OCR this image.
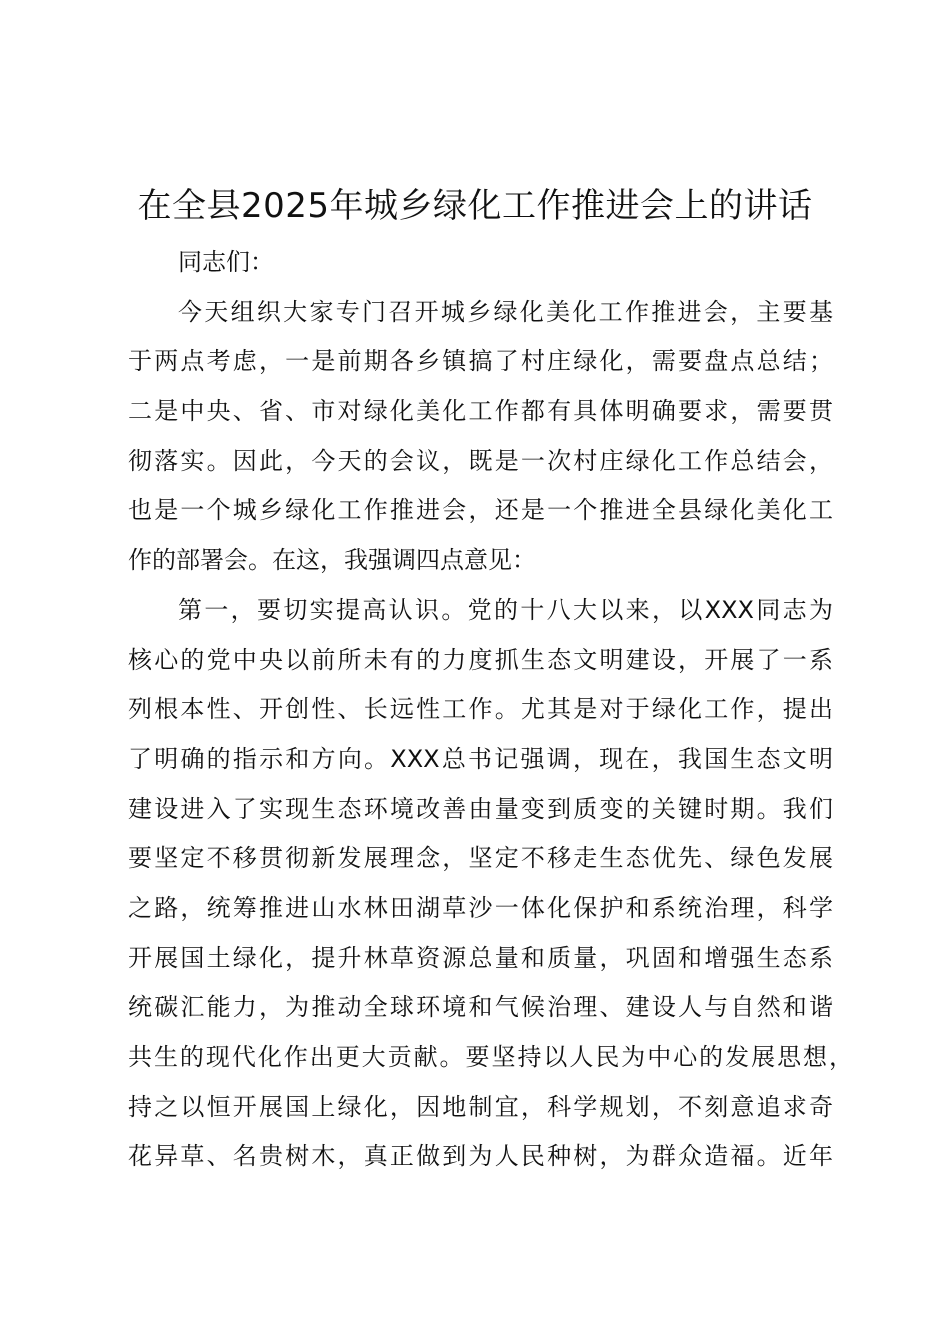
在全县2025年城乡绿化工作推进会上的讲话
同志们：
今天组织大家专门召开城乡绿化美化工作推进会，主要基
于两点考虑，一是前期各乡镇搞了村庄绿化，需要盘点总结；
二是中央、省、市对绿化美化工作都有具体明确要求，需要贯
彻落实。因此，今天的会议，既是一次村庄绿化工作总结会，
也是一个城乡绿化工作推进会，还是一个推进全县绿化美化工
作的部署会。在这，我强调四点意见：
第一，要切实提高认识。党的十八大以来，以XXX同志为
核心的党中央以前所未有的力度抓生态文明建设，开展了一系
列根本性、开创性、长远性工作。尤其是对于绿化工作，提出
了明确的指示和方向。XXX总书记强调，现在，我国生态文明
建设进入了实现生态环境改善由量变到质变的关键时期。我们
要坚定不移贯彻新发展理念，坚定不移走生态优先、绿色发展
之路，统筹推进山水林田湖草沙一体化保护和系统治理，科学
开展国土绿化，提升林草资源总量和质量，巩固和增强生态系
统碳汇能力，为推动全球环境和气候治理、建设人与自然和谐
共生的现代化作出更大贡献。要坚持以人民为中心的发展思想，
持之以恒开展国上绿化，因地制宜，科学规划，不刻意追求奇
花异草、名贵树木，真正做到为人民种树，为群众造福。近年
